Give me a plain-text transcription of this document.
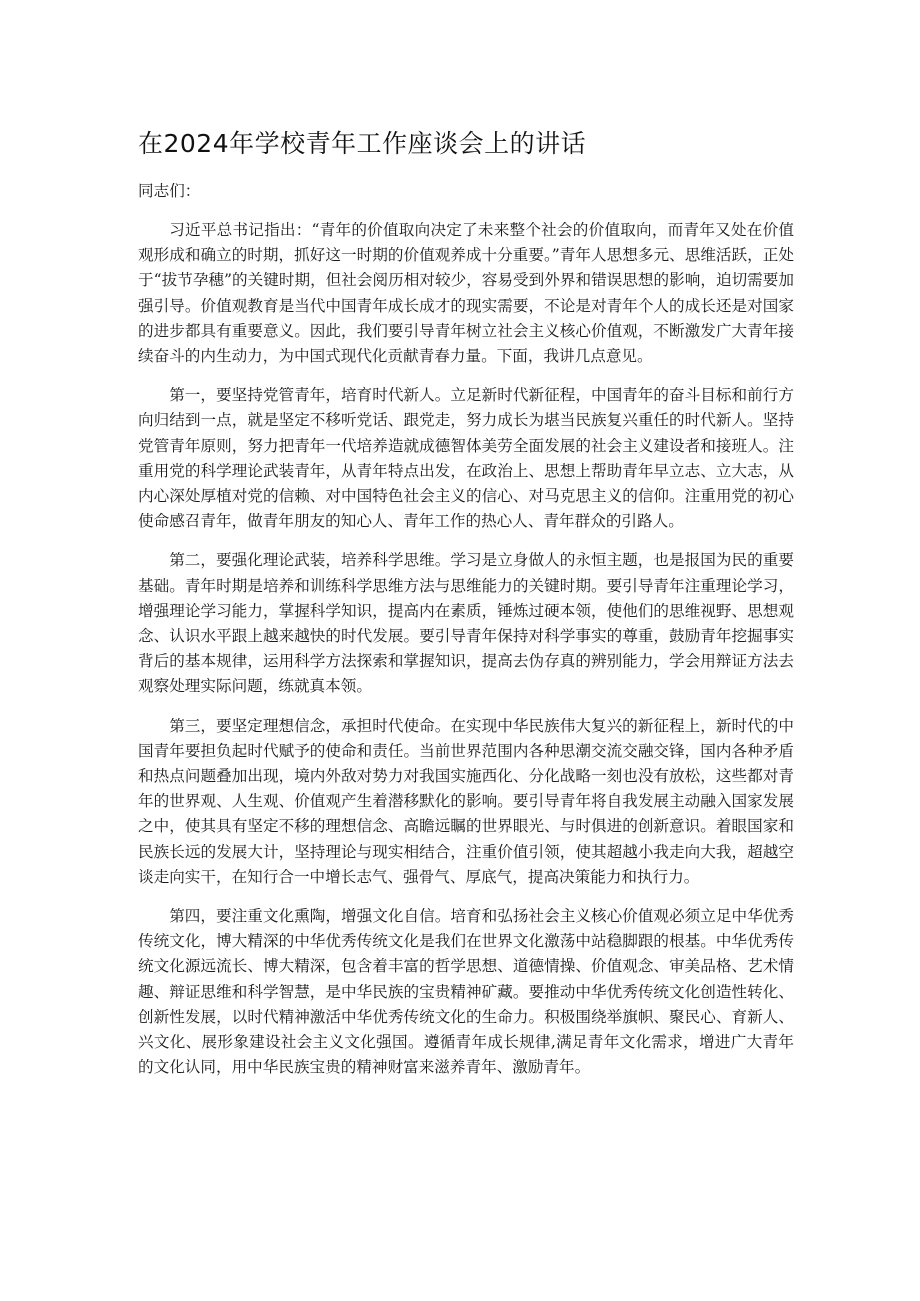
在2024年学校青年工作座谈会上的讲话

同志们：

习近平总书记指出：“青年的价值取向决定了未来整个社会的价值取向，而青年又处在价值观形成和确立的时期，抓好这一时期的价值观养成十分重要。”青年人思想多元、思维活跃，正处于“拔节孕穗”的关键时期，但社会阅历相对较少，容易受到外界和错误思想的影响，迫切需要加强引导。价值观教育是当代中国青年成长成才的现实需要，不论是对青年个人的成长还是对国家的进步都具有重要意义。因此，我们要引导青年树立社会主义核心价值观，不断激发广大青年接续奋斗的内生动力，为中国式现代化贡献青春力量。下面，我讲几点意见。

第一，要坚持党管青年，培育时代新人。立足新时代新征程，中国青年的奋斗目标和前行方向归结到一点，就是坚定不移听党话、跟党走，努力成长为堪当民族复兴重任的时代新人。坚持党管青年原则，努力把青年一代培养造就成德智体美劳全面发展的社会主义建设者和接班人。注重用党的科学理论武装青年，从青年特点出发，在政治上、思想上帮助青年早立志、立大志，从内心深处厚植对党的信赖、对中国特色社会主义的信心、对马克思主义的信仰。注重用党的初心使命感召青年，做青年朋友的知心人、青年工作的热心人、青年群众的引路人。

第二，要强化理论武装，培养科学思维。学习是立身做人的永恒主题，也是报国为民的重要基础。青年时期是培养和训练科学思维方法与思维能力的关键时期。要引导青年注重理论学习，增强理论学习能力，掌握科学知识，提高内在素质，锤炼过硬本领，使他们的思维视野、思想观念、认识水平跟上越来越快的时代发展。要引导青年保持对科学事实的尊重，鼓励青年挖掘事实背后的基本规律，运用科学方法探索和掌握知识，提高去伪存真的辨别能力，学会用辩证方法去观察处理实际问题，练就真本领。

第三，要坚定理想信念，承担时代使命。在实现中华民族伟大复兴的新征程上，新时代的中国青年要担负起时代赋予的使命和责任。当前世界范围内各种思潮交流交融交锋，国内各种矛盾和热点问题叠加出现，境内外敌对势力对我国实施西化、分化战略一刻也没有放松，这些都对青年的世界观、人生观、价值观产生着潜移默化的影响。要引导青年将自我发展主动融入国家发展之中，使其具有坚定不移的理想信念、高瞻远瞩的世界眼光、与时俱进的创新意识。着眼国家和民族长远的发展大计，坚持理论与现实相结合，注重价值引领，使其超越小我走向大我，超越空谈走向实干，在知行合一中增长志气、强骨气、厚底气，提高决策能力和执行力。

第四，要注重文化熏陶，增强文化自信。培育和弘扬社会主义核心价值观必须立足中华优秀传统文化，博大精深的中华优秀传统文化是我们在世界文化激荡中站稳脚跟的根基。中华优秀传统文化源远流长、博大精深，包含着丰富的哲学思想、道德情操、价值观念、审美品格、艺术情趣、辩证思维和科学智慧，是中华民族的宝贵精神矿藏。要推动中华优秀传统文化创造性转化、创新性发展，以时代精神激活中华优秀传统文化的生命力。积极围绕举旗帜、聚民心、育新人、兴文化、展形象建设社会主义文化强国。遵循青年成长规律,满足青年文化需求，增进广大青年的文化认同，用中华民族宝贵的精神财富来滋养青年、激励青年。
